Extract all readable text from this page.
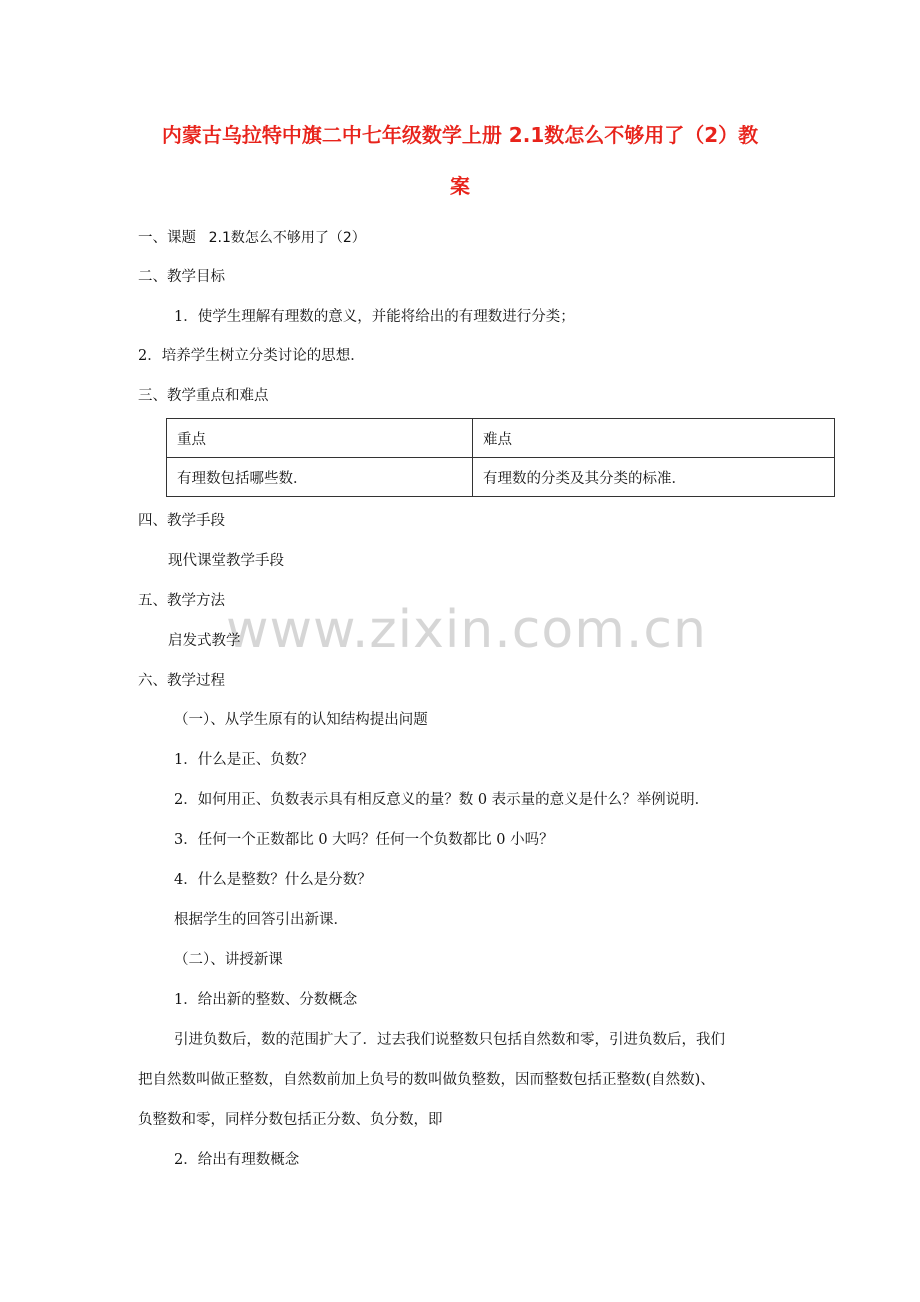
www.zixin.com.cn
内蒙古乌拉特中旗二中七年级数学上册 2.1数怎么不够用了（2）教
案
一、课题 2.1数怎么不够用了（2）
二、教学目标
1．使学生理解有理数的意义，并能将给出的有理数进行分类；
2．培养学生树立分类讨论的思想．
三、教学重点和难点
重点	难点
有理数包括哪些数．	有理数的分类及其分类的标准．
四、教学手段
现代课堂教学手段
五、教学方法
启发式教学
六、教学过程
（一）、从学生原有的认知结构提出问题
1．什么是正、负数？
2．如何用正、负数表示具有相反意义的量？数 0 表示量的意义是什么？举例说明．
3．任何一个正数都比 0 大吗？任何一个负数都比 0 小吗？
4．什么是整数？什么是分数？
根据学生的回答引出新课．
（二）、讲授新课
1．给出新的整数、分数概念
引进负数后，数的范围扩大了．过去我们说整数只包括自然数和零，引进负数后，我们
把自然数叫做正整数，自然数前加上负号的数叫做负整数，因而整数包括正整数(自然数)、
负整数和零，同样分数包括正分数、负分数，即
2．给出有理数概念
